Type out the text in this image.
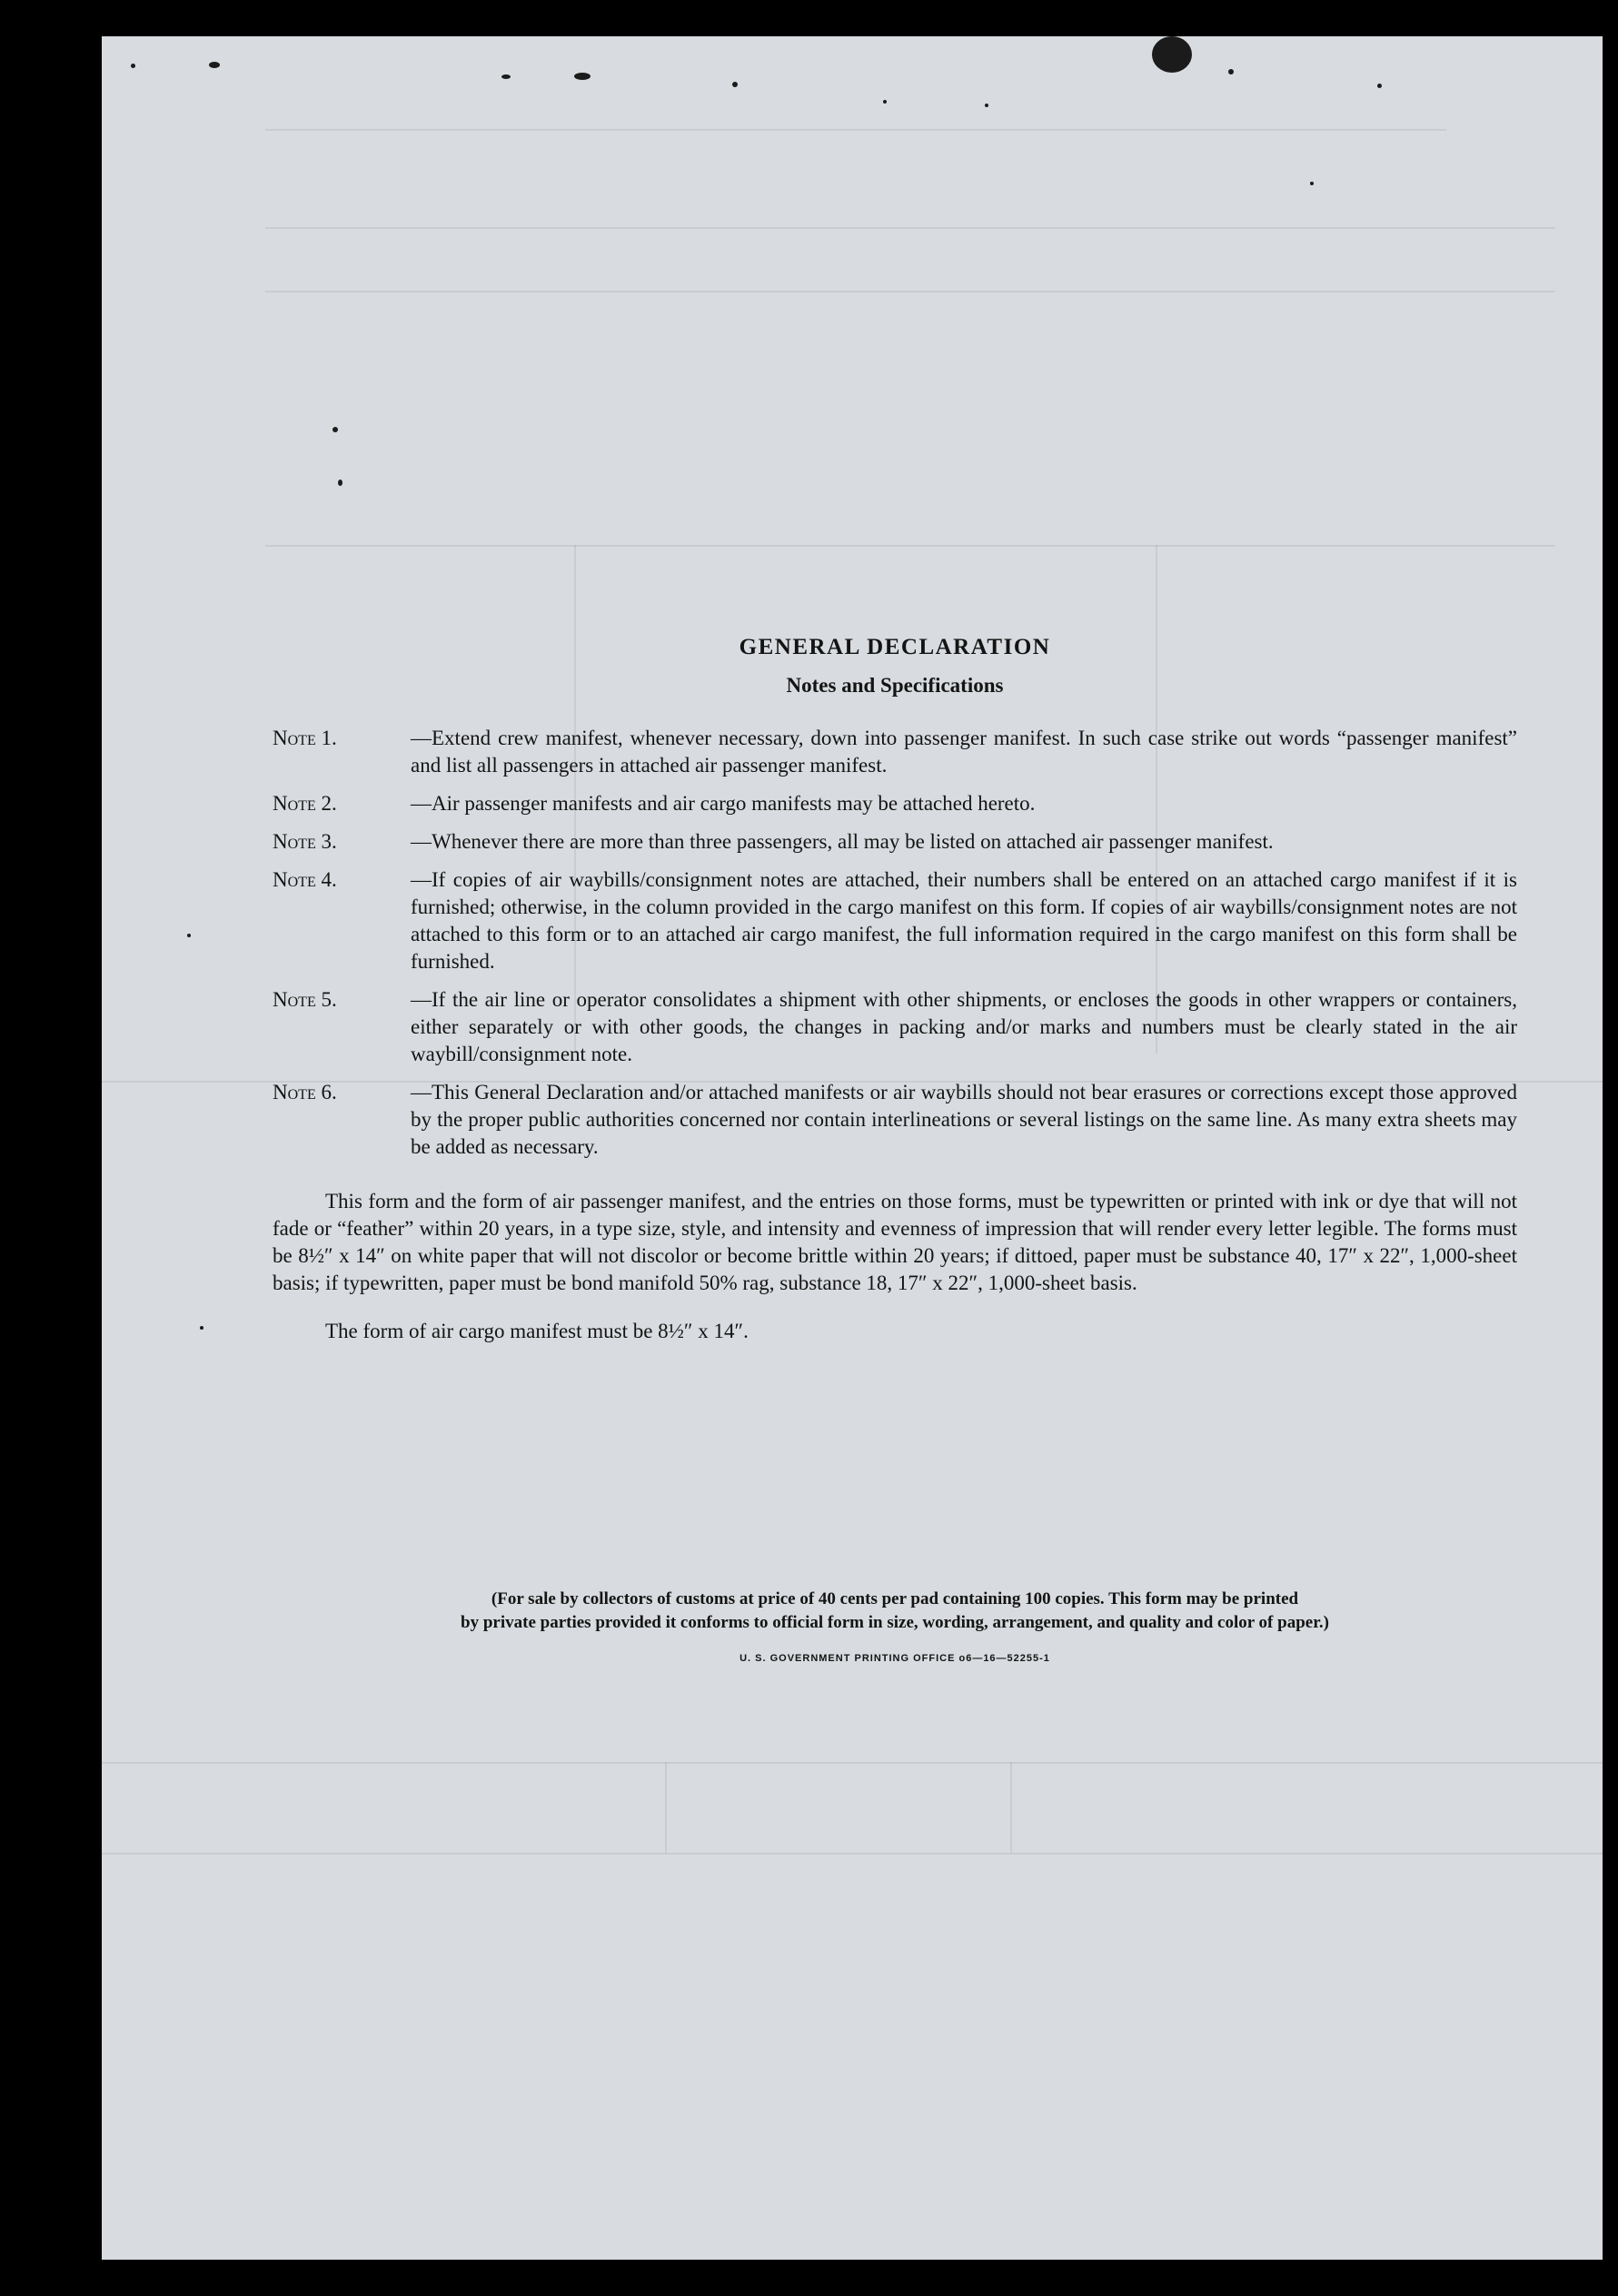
GENERAL DECLARATION
Notes and Specifications
Note 1.	—Extend crew manifest, whenever necessary, down into passenger manifest. In such case strike out words “passenger manifest” and list all passengers in attached air passenger manifest.
Note 2.	—Air passenger manifests and air cargo manifests may be attached hereto.
Note 3.	—Whenever there are more than three passengers, all may be listed on attached air passenger manifest.
Note 4.	—If copies of air waybills/consignment notes are attached, their numbers shall be entered on an attached cargo manifest if it is furnished; otherwise, in the column provided in the cargo manifest on this form. If copies of air waybills/consignment notes are not attached to this form or to an attached air cargo manifest, the full information required in the cargo manifest on this form shall be furnished.
Note 5.	—If the air line or operator consolidates a shipment with other shipments, or encloses the goods in other wrappers or containers, either separately or with other goods, the changes in packing and/or marks and numbers must be clearly stated in the air waybill/consignment note.
Note 6.	—This General Declaration and/or attached manifests or air waybills should not bear erasures or corrections except those approved by the proper public authorities concerned nor contain interlineations or several listings on the same line. As many extra sheets may be added as necessary.

This form and the form of air passenger manifest, and the entries on those forms, must be typewritten or printed with ink or dye that will not fade or “feather” within 20 years, in a type size, style, and intensity and evenness of impression that will render every letter legible. The forms must be 8½″ x 14″ on white paper that will not discolor or become brittle within 20 years; if dittoed, paper must be substance 40, 17″ x 22″, 1,000-sheet basis; if typewritten, paper must be bond manifold 50% rag, substance 18, 17″ x 22″, 1,000-sheet basis.

The form of air cargo manifest must be 8½″ x 14″.

(For sale by collectors of customs at price of 40 cents per pad containing 100 copies. This form may be printed
by private parties provided it conforms to official form in size, wording, arrangement, and quality and color of paper.)
U. S. GOVERNMENT PRINTING OFFICE o6—16—52255-1
